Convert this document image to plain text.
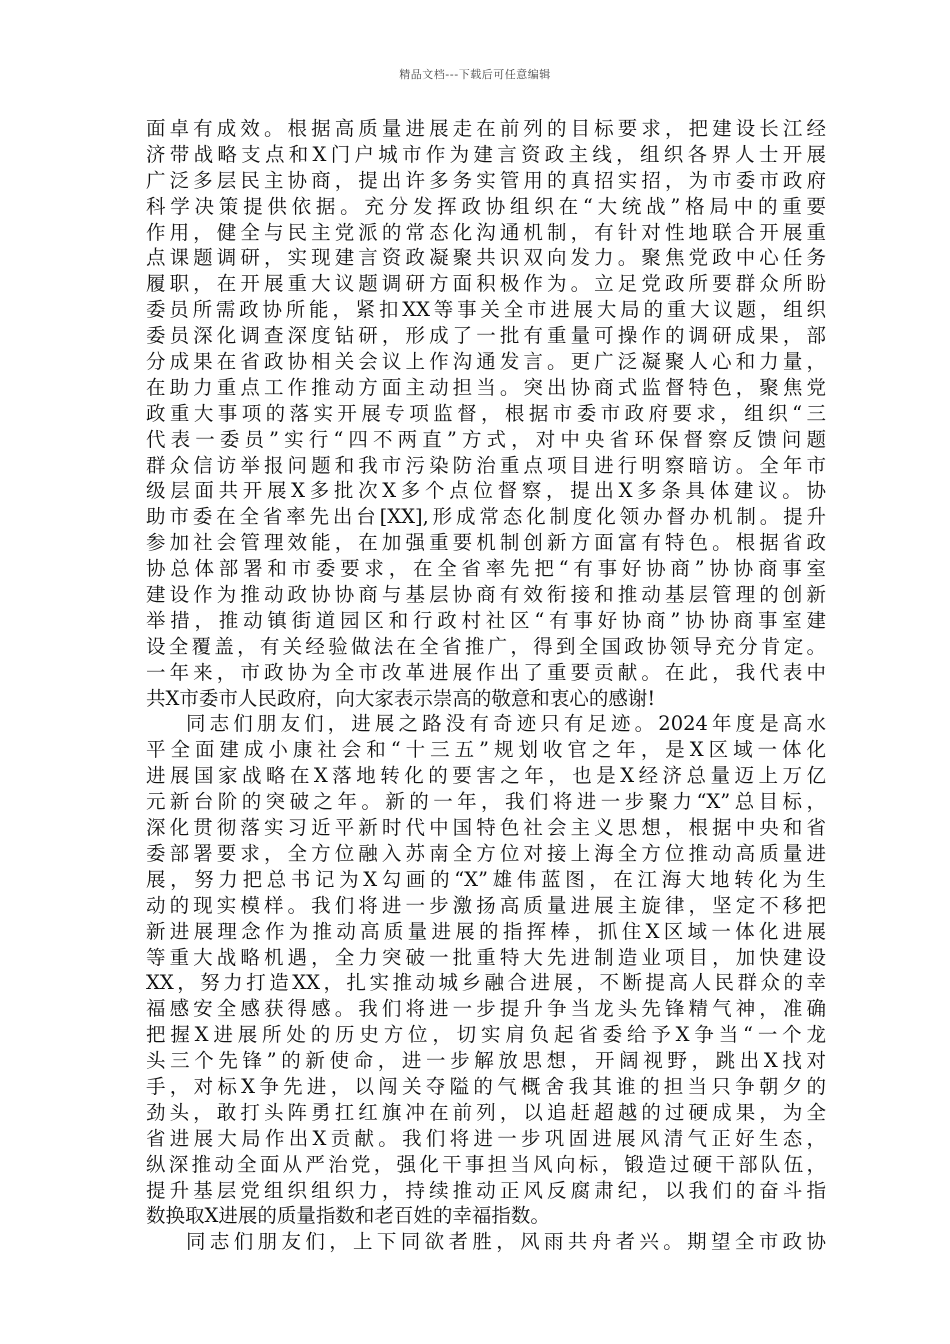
精品文档---下载后可任意编辑
面卓有成效。根据高质量进展走在前列的目标要求，把建设长江经
济带战略支点和X门户城市作为建言资政主线，组织各界人士开展
广泛多层民主协商，提出许多务实管用的真招实招，为市委市政府
科学决策提供依据。充分发挥政协组织在“大统战”格局中的重要
作用，健全与民主党派的常态化沟通机制，有针对性地联合开展重
点课题调研，实现建言资政凝聚共识双向发力。聚焦党政中心任务
履职，在开展重大议题调研方面积极作为。立足党政所要群众所盼
委员所需政协所能，紧扣XX等事关全市进展大局的重大议题，组织
委员深化调查深度钻研，形成了一批有重量可操作的调研成果，部
分成果在省政协相关会议上作沟通发言。更广泛凝聚人心和力量，
在助力重点工作推动方面主动担当。突出协商式监督特色，聚焦党
政重大事项的落实开展专项监督，根据市委市政府要求，组织“三
代表一委员”实行“四不两直”方式，对中央省环保督察反馈问题
群众信访举报问题和我市污染防治重点项目进行明察暗访。全年市
级层面共开展X多批次X多个点位督察，提出X多条具体建议。协
助市委在全省率先出台[XX],形成常态化制度化领办督办机制。提升
参加社会管理效能，在加强重要机制创新方面富有特色。根据省政
协总体部署和市委要求，在全省率先把“有事好协商”协协商事室
建设作为推动政协协商与基层协商有效衔接和推动基层管理的创新
举措，推动镇街道园区和行政村社区“有事好协商”协协商事室建
设全覆盖，有关经验做法在全省推广，得到全国政协领导充分肯定。
一年来，市政协为全市改革进展作出了重要贡献。在此，我代表中
共X市委市人民政府，向大家表示崇高的敬意和衷心的感谢!
同志们朋友们，进展之路没有奇迹只有足迹。2024年度是高水
平全面建成小康社会和“十三五”规划收官之年，是X区域一体化
进展国家战略在X落地转化的要害之年，也是X经济总量迈上万亿
元新台阶的突破之年。新的一年，我们将进一步聚力“X”总目标，
深化贯彻落实习近平新时代中国特色社会主义思想，根据中央和省
委部署要求，全方位融入苏南全方位对接上海全方位推动高质量进
展，努力把总书记为X勾画的“X”雄伟蓝图，在江海大地转化为生
动的现实模样。我们将进一步激扬高质量进展主旋律，坚定不移把
新进展理念作为推动高质量进展的指挥棒，抓住X区域一体化进展
等重大战略机遇，全力突破一批重特大先进制造业项目，加快建设
XX，努力打造XX，扎实推动城乡融合进展，不断提高人民群众的幸
福感安全感获得感。我们将进一步提升争当龙头先锋精气神，准确
把握X进展所处的历史方位，切实肩负起省委给予X争当“一个龙
头三个先锋”的新使命，进一步解放思想，开阔视野，跳出X找对
手，对标X争先进，以闯关夺隘的气概舍我其谁的担当只争朝夕的
劲头，敢打头阵勇扛红旗冲在前列，以追赶超越的过硬成果，为全
省进展大局作出X贡献。我们将进一步巩固进展风清气正好生态，
纵深推动全面从严治党，强化干事担当风向标，锻造过硬干部队伍，
提升基层党组织组织力，持续推动正风反腐肃纪，以我们的奋斗指
数换取X进展的质量指数和老百姓的幸福指数。
同志们朋友们，上下同欲者胜，风雨共舟者兴。期望全市政协
